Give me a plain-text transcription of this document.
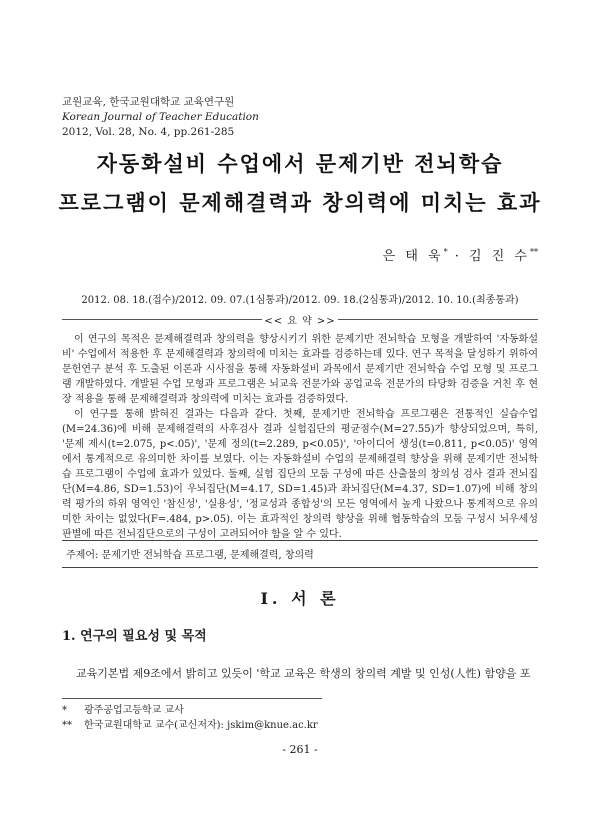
교원교육, 한국교원대학교 교육연구원
Korean Journal of Teacher Education
2012, Vol. 28, No. 4, pp.261-285
자동화설비 수업에서 문제기반 전뇌학습
프로그램이 문제해결력과 창의력에 미치는 효과
은 태 욱* · 김 진 수**
2012. 08. 18.(접수)/2012. 09. 07.(1심통과)/2012. 09. 18.(2심통과)/2012. 10. 10.(최종통과)
<< 요 약 >>

이 연구의 목적은 문제해결력과 창의력을 향상시키기 위한 문제기반 전뇌학습 모형을 개발하여 '자동화설비' 수업에서 적용한 후 문제해결력과 창의력에 미치는 효과를 검증하는데 있다. 연구 목적을 달성하기 위하여 문헌연구 분석 후 도출된 이론과 시사점을 통해 자동화설비 과목에서 문제기반 전뇌학습 수업 모형 및 프로그램 개발하였다. 개발된 수업 모형과 프로그램은 뇌교육 전문가와 공업교육 전문가의 타당화 검증을 거친 후 현장 적용을 통해 문제해결력과 창의력에 미치는 효과를 검증하였다.

이 연구를 통해 밝혀진 결과는 다음과 같다. 첫째, 문제기반 전뇌학습 프로그램은 전통적인 실습수업(M=24.36)에 비해 문제해결력의 사후검사 결과 실험집단의 평균점수(M=27.55)가 향상되었으며, 특히, '문제 제시(t=2.075, p<.05)', '문제 정의(t=2.289, p<0.05)', '아이디어 생성(t=0.811, p<0.05)' 영역에서 통계적으로 유의미한 차이를 보였다. 이는 자동화설비 수업의 문제해결력 향상을 위해 문제기반 전뇌학습 프로그램이 수업에 효과가 있었다. 둘째, 실험 집단의 모둠 구성에 따른 산출물의 창의성 검사 결과 전뇌집단(M=4.86, SD=1.53)이 우뇌집단(M=4.17, SD=1.45)과 좌뇌집단(M=4.37, SD=1.07)에 비해 창의력 평가의 하위 영역인 '참신성', '실용성', '정교성과 종합성'의 모든 영역에서 높게 나왔으나 통계적으로 유의미한 차이는 없었다(F=.484, p>.05). 이는 효과적인 창의력 향상을 위해 협동학습의 모둠 구성시 뇌우세성 판별에 따른 전뇌집단으로의 구성이 고려되어야 함을 알 수 있다.

주제어: 문제기반 전뇌학습 프로그램, 문제해결력, 창의력
Ⅰ. 서 론
1. 연구의 필요성 및 목적
교육기본법 제9조에서 밝히고 있듯이 '학교 교육은 학생의 창의력 계발 및 인성(人性) 함양을 포
* 광주공업고등학교 교사
** 한국교원대학교 교수(교신저자): jskim@knue.ac.kr
- 261 -
